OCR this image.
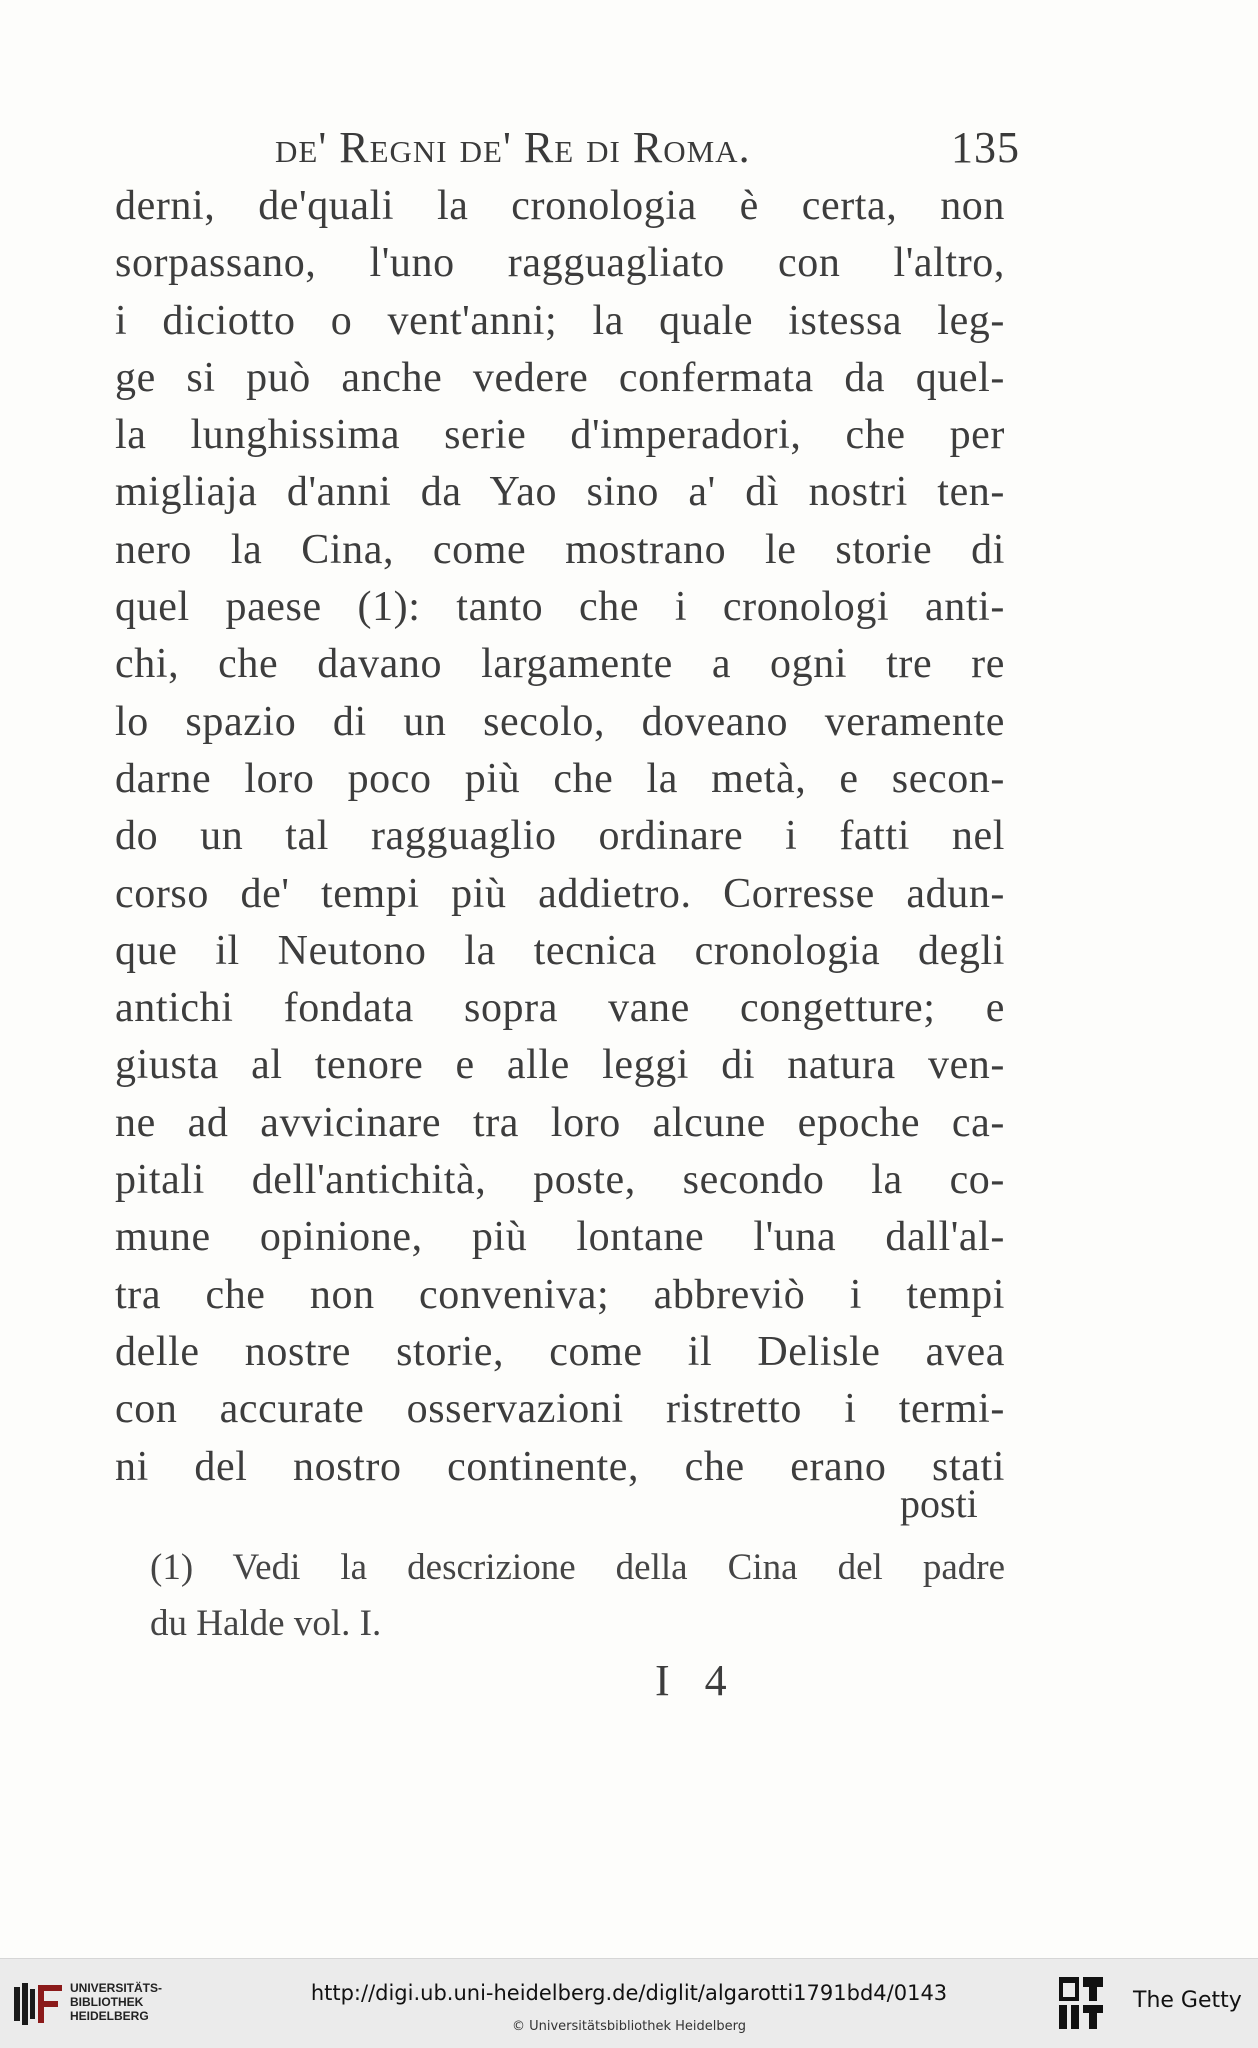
de' Regni de' Re di Roma.	135
derni, de'quali la cronologia è certa, non
sorpassano, l'uno ragguagliato con l'altro,
i diciotto o vent'anni; la quale istessa leg-
ge si può anche vedere confermata da quel-
la lunghissima serie d'imperadori, che per
migliaja d'anni da Yao sino a' dì nostri ten-
nero la Cina, come mostrano le storie di
quel paese (1): tanto che i cronologi anti-
chi, che davano largamente a ogni tre re
lo spazio di un secolo, doveano veramente
darne loro poco più che la metà, e secon-
do un tal ragguaglio ordinare i fatti nel
corso de' tempi più addietro. Corresse adun-
que il Neutono la tecnica cronologia degli
antichi fondata sopra vane congetture; e
giusta al tenore e alle leggi di natura ven-
ne ad avvicinare tra loro alcune epoche ca-
pitali dell'antichità, poste, secondo la co-
mune opinione, più lontane l'una dall'al-
tra che non conveniva; abbreviò i tempi
delle nostre storie, come il Delisle avea
con accurate osservazioni ristretto i termi-
ni del nostro continente, che erano stati
posti
(1) Vedi la descrizione della Cina del padre
du Halde vol. I.
I 4
UNIVERSITÄTS-
BIBLIOTHEK
HEIDELBERG
http://digi.ub.uni-heidelberg.de/diglit/algarotti1791bd4/0143
© Universitätsbibliothek Heidelberg
The Getty
